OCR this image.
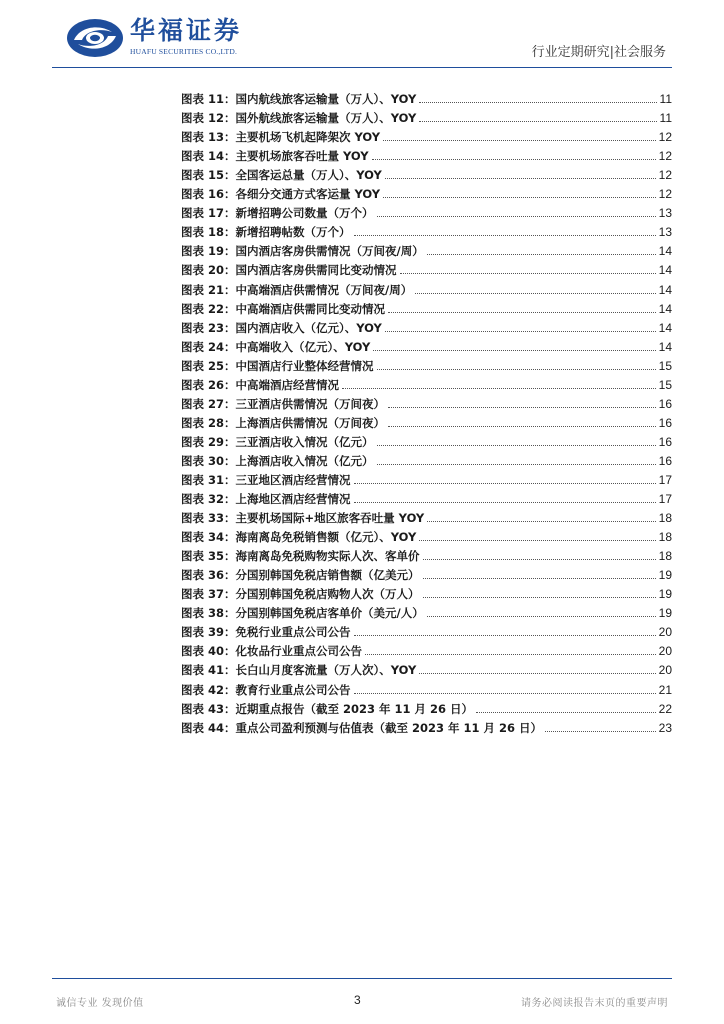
华福证券
HUAFU SECURITIES CO.,LTD.	行业定期研究|社会服务
图表 11：国内航线旅客运输量（万人）、YOY	11
图表 12：国外航线旅客运输量（万人）、YOY	11
图表 13：主要机场飞机起降架次 YOY	12
图表 14：主要机场旅客吞吐量 YOY	12
图表 15：全国客运总量（万人）、YOY	12
图表 16：各细分交通方式客运量 YOY	12
图表 17：新增招聘公司数量（万个）	13
图表 18：新增招聘帖数（万个）	13
图表 19：国内酒店客房供需情况（万间夜/周）	14
图表 20：国内酒店客房供需同比变动情况	14
图表 21：中高端酒店供需情况（万间夜/周）	14
图表 22：中高端酒店供需同比变动情况	14
图表 23：国内酒店收入（亿元）、YOY	14
图表 24：中高端收入（亿元）、YOY	14
图表 25：中国酒店行业整体经营情况	15
图表 26：中高端酒店经营情况	15
图表 27：三亚酒店供需情况（万间夜）	16
图表 28：上海酒店供需情况（万间夜）	16
图表 29：三亚酒店收入情况（亿元）	16
图表 30：上海酒店收入情况（亿元）	16
图表 31：三亚地区酒店经营情况	17
图表 32：上海地区酒店经营情况	17
图表 33：主要机场国际+地区旅客吞吐量 YOY	18
图表 34：海南离岛免税销售额（亿元）、YOY	18
图表 35：海南离岛免税购物实际人次、客单价	18
图表 36：分国别韩国免税店销售额（亿美元）	19
图表 37：分国别韩国免税店购物人次（万人）	19
图表 38：分国别韩国免税店客单价（美元/人）	19
图表 39：免税行业重点公司公告	20
图表 40：化妆品行业重点公司公告	20
图表 41：长白山月度客流量（万人次）、YOY	20
图表 42：教育行业重点公司公告	21
图表 43：近期重点报告（截至 2023 年 11 月 26 日）	22
图表 44：重点公司盈利预测与估值表（截至 2023 年 11 月 26 日）	23
诚信专业 发现价值	3	请务必阅读报告末页的重要声明
